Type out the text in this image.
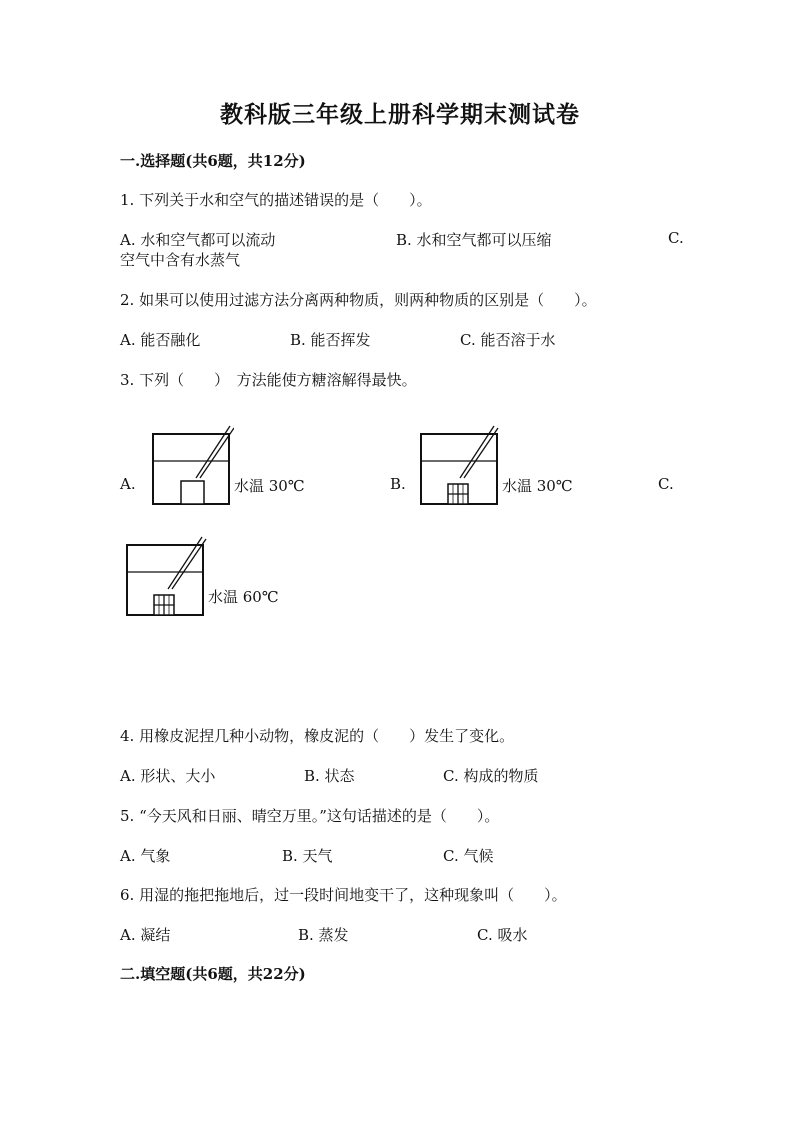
教科版三年级上册科学期末测试卷
一.选择题(共6题，共12分)
1. 下列关于水和空气的描述错误的是（　　）。
A. 水和空气都可以流动	B. 水和空气都可以压缩	C.
空气中含有水蒸气
2. 如果可以使用过滤方法分离两种物质，则两种物质的区别是（　　）。
A. 能否融化	B. 能否挥发	C. 能否溶于水
3. 下列（　　）　方法能使方糖溶解得最快。
A.	水温 30℃	B.	水温 30℃	C.
水温 60℃
4. 用橡皮泥捏几种小动物，橡皮泥的（　　）发生了变化。
A. 形状、大小	B. 状态	C. 构成的物质
5. “今天风和日丽、晴空万里。”这句话描述的是（　　）。
A. 气象	B. 天气	C. 气候
6. 用湿的拖把拖地后，过一段时间地变干了，这种现象叫（　　）。
A. 凝结	B. 蒸发	C. 吸水
二.填空题(共6题，共22分)
